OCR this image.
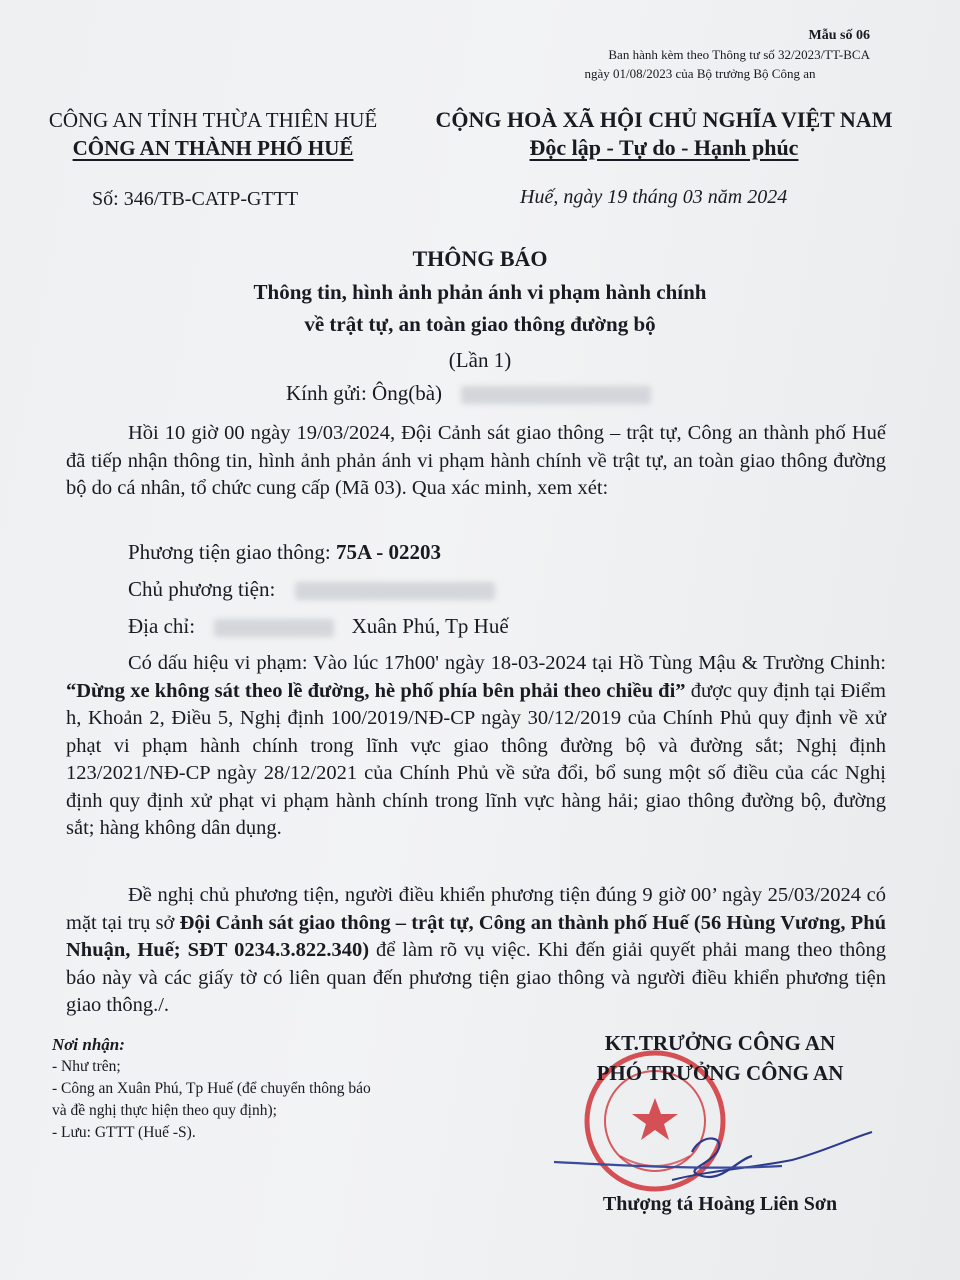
Mẫu số 06
Ban hành kèm theo Thông tư số 32/2023/TT-BCA
ngày 01/08/2023 của Bộ trưởng Bộ Công an
CÔNG AN TỈNH THỪA THIÊN HUẾ
CÔNG AN THÀNH PHỐ HUẾ
CỘNG HOÀ XÃ HỘI CHỦ NGHĨA VIỆT NAM
Độc lập - Tự do - Hạnh phúc
Số: 346/TB-CATP-GTTT	Huế, ngày 19 tháng 03 năm 2024
THÔNG BÁO
Thông tin, hình ảnh phản ánh vi phạm hành chính
về trật tự, an toàn giao thông đường bộ
(Lần 1)
Kính gửi: Ông(bà)
Hồi 10 giờ 00 ngày 19/03/2024, Đội Cảnh sát giao thông – trật tự, Công an thành phố Huế đã tiếp nhận thông tin, hình ảnh phản ánh vi phạm hành chính về trật tự, an toàn giao thông đường bộ do cá nhân, tổ chức cung cấp (Mã 03). Qua xác minh, xem xét:
Phương tiện giao thông: 75A - 02203
Chủ phương tiện:
Địa chỉ:	Xuân Phú, Tp Huế
Có dấu hiệu vi phạm: Vào lúc 17h00' ngày 18-03-2024 tại Hồ Tùng Mậu & Trường Chinh: “Dừng xe không sát theo lề đường, hè phố phía bên phải theo chiều đi” được quy định tại Điểm h, Khoản 2, Điều 5, Nghị định 100/2019/NĐ-CP ngày 30/12/2019 của Chính Phủ quy định về xử phạt vi phạm hành chính trong lĩnh vực giao thông đường bộ và đường sắt; Nghị định 123/2021/NĐ-CP ngày 28/12/2021 của Chính Phủ về sửa đổi, bổ sung một số điều của các Nghị định quy định xử phạt vi phạm hành chính trong lĩnh vực hàng hải; giao thông đường bộ, đường sắt; hàng không dân dụng.
Đề nghị chủ phương tiện, người điều khiển phương tiện đúng 9 giờ 00’ ngày 25/03/2024 có mặt tại trụ sở Đội Cảnh sát giao thông – trật tự, Công an thành phố Huế (56 Hùng Vương, Phú Nhuận, Huế; SĐT 0234.3.822.340) để làm rõ vụ việc. Khi đến giải quyết phải mang theo thông báo này và các giấy tờ có liên quan đến phương tiện giao thông và người điều khiển phương tiện giao thông./.
Nơi nhận:
- Như trên;
- Công an Xuân Phú, Tp Huế (để chuyển thông báo
và đề nghị thực hiện theo quy định);
- Lưu: GTTT (Huế -S).
KT.TRƯỞNG CÔNG AN
PHÓ TRƯỞNG CÔNG AN
Thượng tá Hoàng Liên Sơn
